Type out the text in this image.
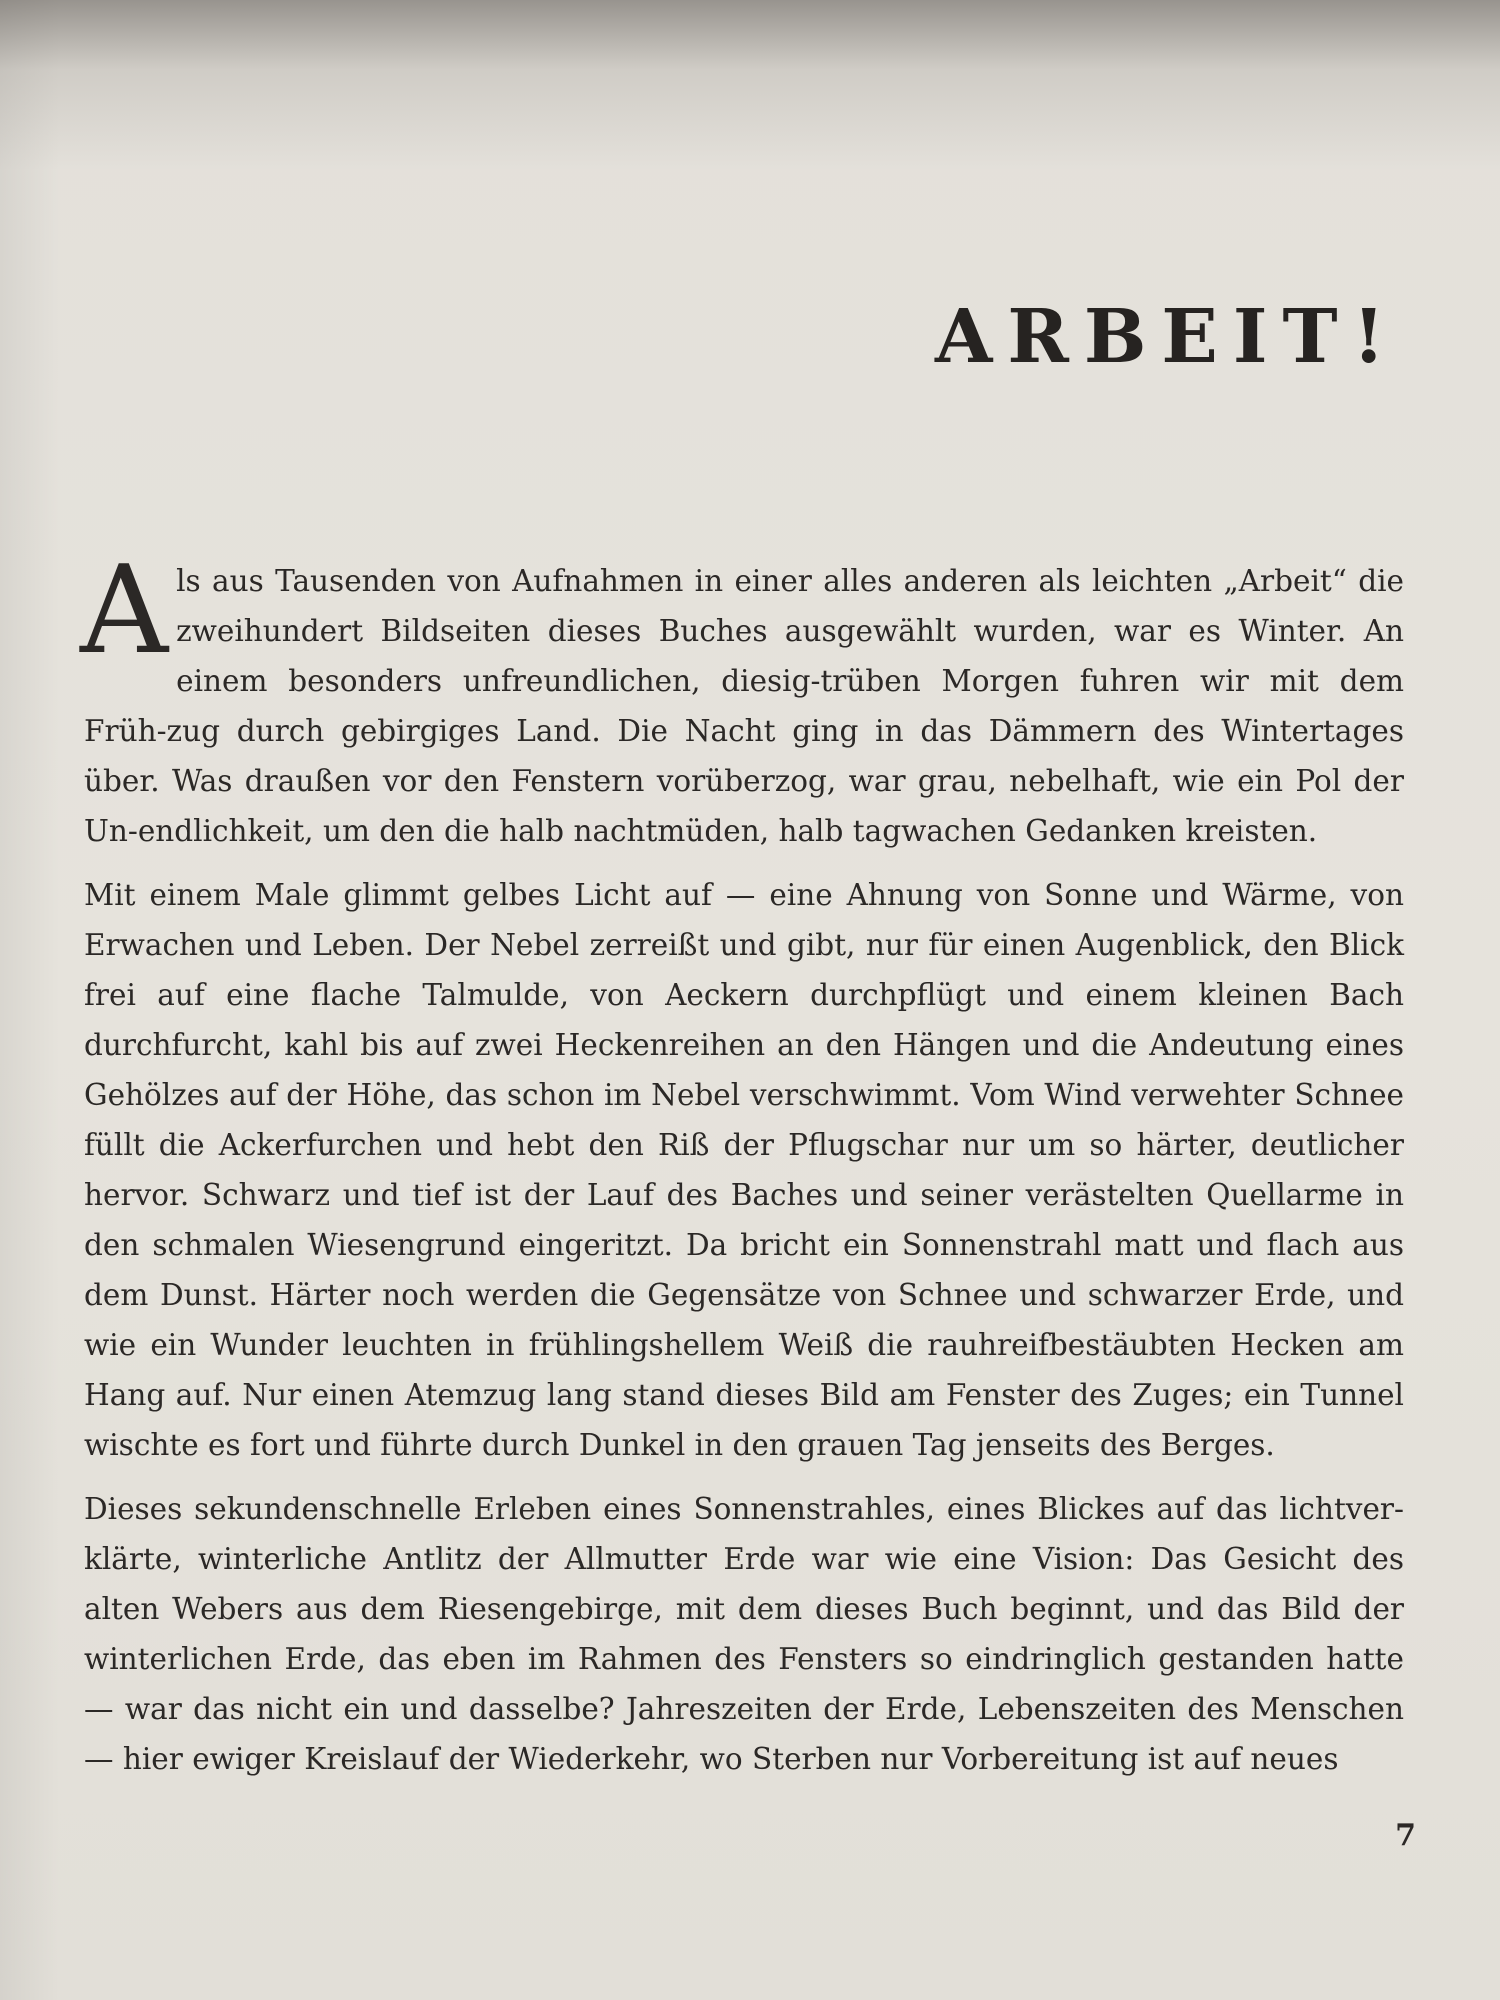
ARBEIT!

Als aus Tausenden von Aufnahmen in einer alles anderen als leichten „Arbeit“ die zweihundert Bildseiten dieses Buches ausgewählt wurden, war es Winter. An einem besonders unfreundlichen, diesig-trüben Morgen fuhren wir mit dem Früh-zug durch gebirgiges Land. Die Nacht ging in das Dämmern des Wintertages über. Was draußen vor den Fenstern vorüberzog, war grau, nebelhaft, wie ein Pol der Un-endlichkeit, um den die halb nachtmüden, halb tagwachen Gedanken kreisten.

Mit einem Male glimmt gelbes Licht auf — eine Ahnung von Sonne und Wärme, von Erwachen und Leben. Der Nebel zerreißt und gibt, nur für einen Augenblick, den Blick frei auf eine flache Talmulde, von Aeckern durchpflügt und einem kleinen Bach durchfurcht, kahl bis auf zwei Heckenreihen an den Hängen und die Andeutung eines Gehölzes auf der Höhe, das schon im Nebel verschwimmt. Vom Wind verwehter Schnee füllt die Ackerfurchen und hebt den Riß der Pflugschar nur um so härter, deutlicher hervor. Schwarz und tief ist der Lauf des Baches und seiner verästelten Quellarme in den schmalen Wiesengrund eingeritzt. Da bricht ein Sonnenstrahl matt und flach aus dem Dunst. Härter noch werden die Gegensätze von Schnee und schwarzer Erde, und wie ein Wunder leuchten in frühlingshellem Weiß die rauhreifbestäubten Hecken am Hang auf. Nur einen Atemzug lang stand dieses Bild am Fenster des Zuges; ein Tunnel wischte es fort und führte durch Dunkel in den grauen Tag jenseits des Berges.

Dieses sekundenschnelle Erleben eines Sonnenstrahles, eines Blickes auf das lichtver-klärte, winterliche Antlitz der Allmutter Erde war wie eine Vision: Das Gesicht des alten Webers aus dem Riesengebirge, mit dem dieses Buch beginnt, und das Bild der winterlichen Erde, das eben im Rahmen des Fensters so eindringlich gestanden hatte — war das nicht ein und dasselbe? Jahreszeiten der Erde, Lebenszeiten des Menschen — hier ewiger Kreislauf der Wiederkehr, wo Sterben nur Vorbereitung ist auf neues

7
